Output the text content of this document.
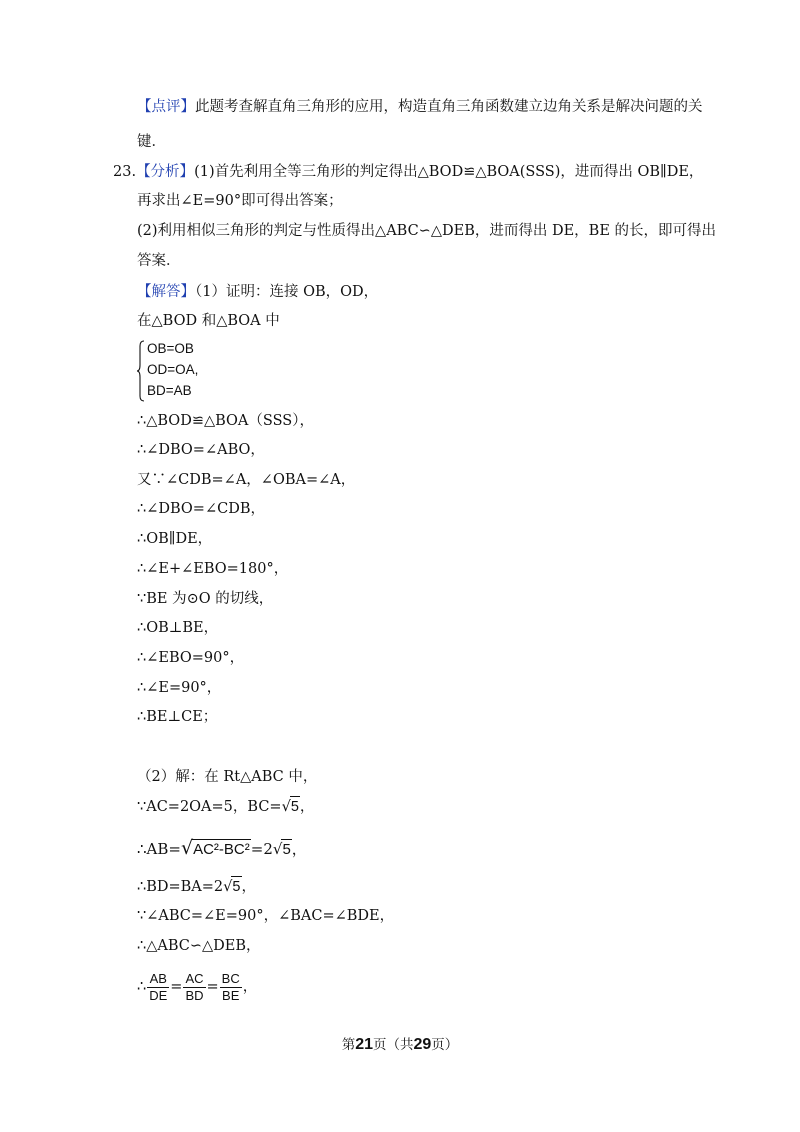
【点评】此题考查解直角三角形的应用，构造直角三角函数建立边角关系是解决问题的关
键．
23.【分析】(1)首先利用全等三角形的判定得出△BOD≌△BOA(SSS)，进而得出 OB∥DE，
再求出∠E=90°即可得出答案；
(2)利用相似三角形的判定与性质得出△ABC∽△DEB，进而得出 DE，BE 的长，即可得出
答案．
【解答】（1）证明：连接 OB，OD，
在△BOD 和△BOA 中
OB=OB
OD=OA,
BD=AB
∴△BOD≌△BOA（SSS），
∴∠DBO=∠ABO，
又∵∠CDB=∠A，∠OBA=∠A，
∴∠DBO=∠CDB，
∴OB∥DE，
∴∠E+∠EBO=180°，
∵BE 为⊙O 的切线，
∴OB⊥BE，
∴∠EBO=90°，
∴∠E=90°，
∴BE⊥CE；
（2）解：在 Rt△ABC 中，
∵AC=2OA=5，BC=√5，
∴AB=√AC²-BC²=2√5，
∴BD=BA=2√5，
∵∠ABC=∠E=90°，∠BAC=∠BDE，
∴△ABC∽△DEB，
∴ $\frac{AB}{DE} = \frac{AC}{BD} = \frac{BC}{BE}$ ，
第21页（共29页）
